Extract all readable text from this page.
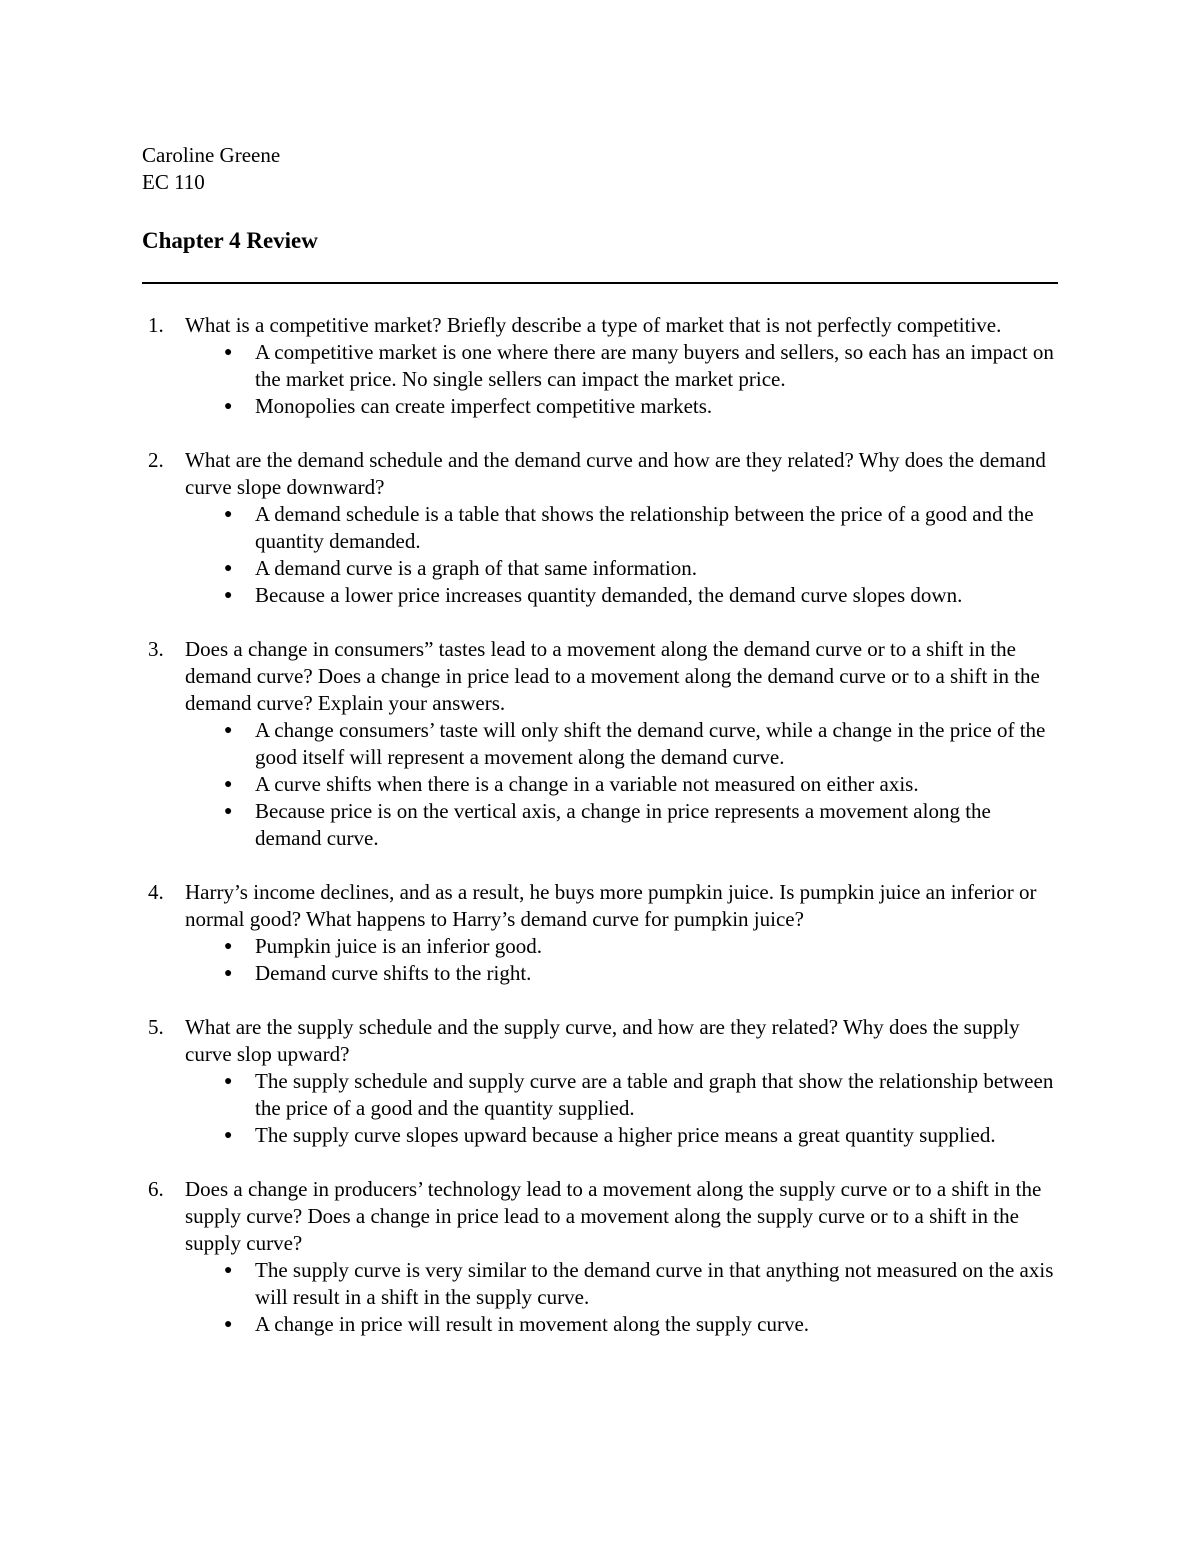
Caroline Greene

EC 110

Chapter 4 Review
1. What is a competitive market? Briefly describe a type of market that is not perfectly competitive.
● A competitive market is one where there are many buyers and sellers, so each has an impact on the market price. No single sellers can impact the market price.
● Monopolies can create imperfect competitive markets.
2. What are the demand schedule and the demand curve and how are they related? Why does the demand curve slope downward?
● A demand schedule is a table that shows the relationship between the price of a good and the quantity demanded.
● A demand curve is a graph of that same information.
● Because a lower price increases quantity demanded, the demand curve slopes down.
3. Does a change in consumers” tastes lead to a movement along the demand curve or to a shift in the demand curve? Does a change in price lead to a movement along the demand curve or to a shift in the demand curve? Explain your answers.
● A change consumers’ taste will only shift the demand curve, while a change in the price of the good itself will represent a movement along the demand curve.
● A curve shifts when there is a change in a variable not measured on either axis.
● Because price is on the vertical axis, a change in price represents a movement along the demand curve.
4. Harry’s income declines, and as a result, he buys more pumpkin juice. Is pumpkin juice an inferior or normal good? What happens to Harry’s demand curve for pumpkin juice?
● Pumpkin juice is an inferior good.
● Demand curve shifts to the right.
5. What are the supply schedule and the supply curve, and how are they related? Why does the supply curve slop upward?
● The supply schedule and supply curve are a table and graph that show the relationship between the price of a good and the quantity supplied.
● The supply curve slopes upward because a higher price means a great quantity supplied.
6. Does a change in producers’ technology lead to a movement along the supply curve or to a shift in the supply curve? Does a change in price lead to a movement along the supply curve or to a shift in the supply curve?
● The supply curve is very similar to the demand curve in that anything not measured on the axis will result in a shift in the supply curve.
● A change in price will result in movement along the supply curve.
